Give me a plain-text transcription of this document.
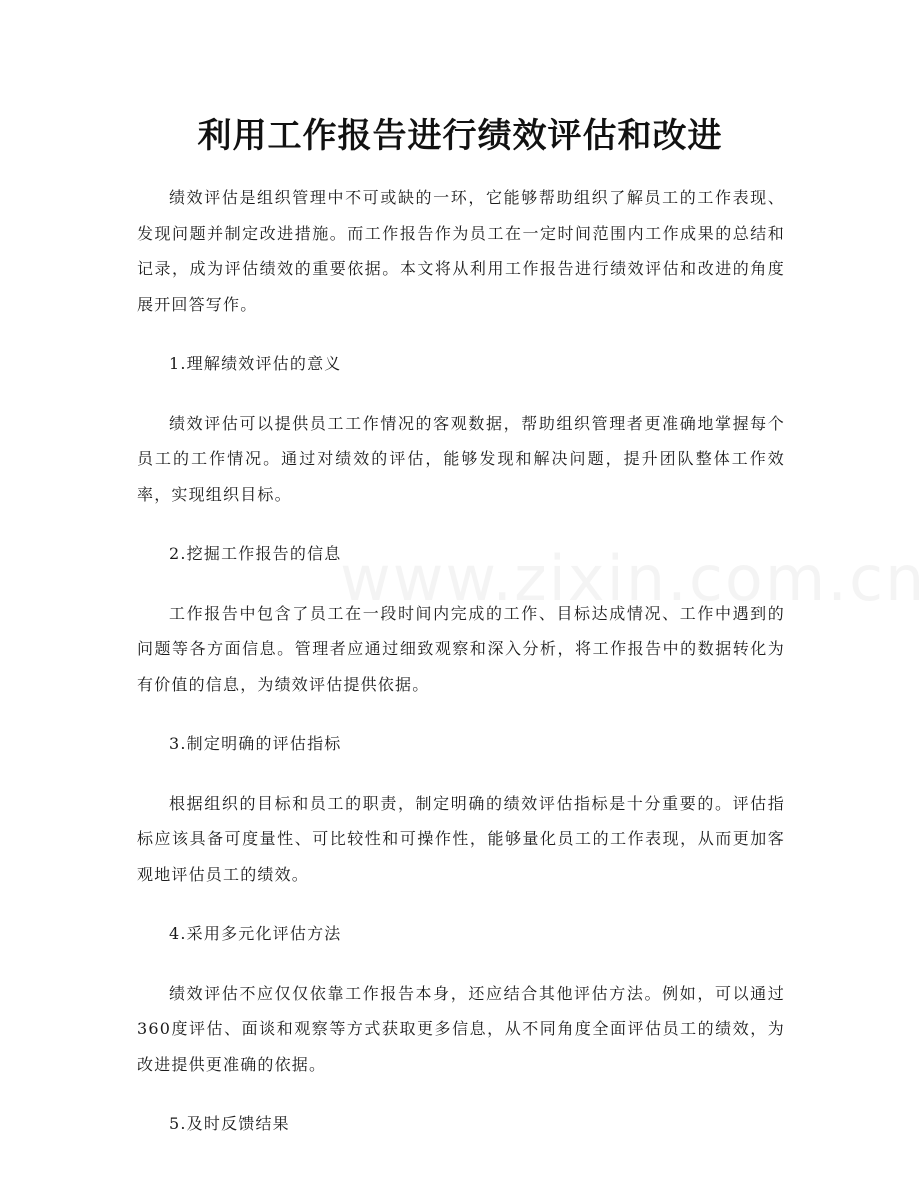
利用工作报告进行绩效评估和改进

绩效评估是组织管理中不可或缺的一环，它能够帮助组织了解员工的工作表现、发现问题并制定改进措施。而工作报告作为员工在一定时间范围内工作成果的总结和记录，成为评估绩效的重要依据。本文将从利用工作报告进行绩效评估和改进的角度展开回答写作。

1.理解绩效评估的意义

绩效评估可以提供员工工作情况的客观数据，帮助组织管理者更准确地掌握每个员工的工作情况。通过对绩效的评估，能够发现和解决问题，提升团队整体工作效率，实现组织目标。

2.挖掘工作报告的信息

工作报告中包含了员工在一段时间内完成的工作、目标达成情况、工作中遇到的问题等各方面信息。管理者应通过细致观察和深入分析，将工作报告中的数据转化为有价值的信息，为绩效评估提供依据。

3.制定明确的评估指标

根据组织的目标和员工的职责，制定明确的绩效评估指标是十分重要的。评估指标应该具备可度量性、可比较性和可操作性，能够量化员工的工作表现，从而更加客观地评估员工的绩效。

4.采用多元化评估方法

绩效评估不应仅仅依靠工作报告本身，还应结合其他评估方法。例如，可以通过360度评估、面谈和观察等方式获取更多信息，从不同角度全面评估员工的绩效，为改进提供更准确的依据。

5.及时反馈结果
